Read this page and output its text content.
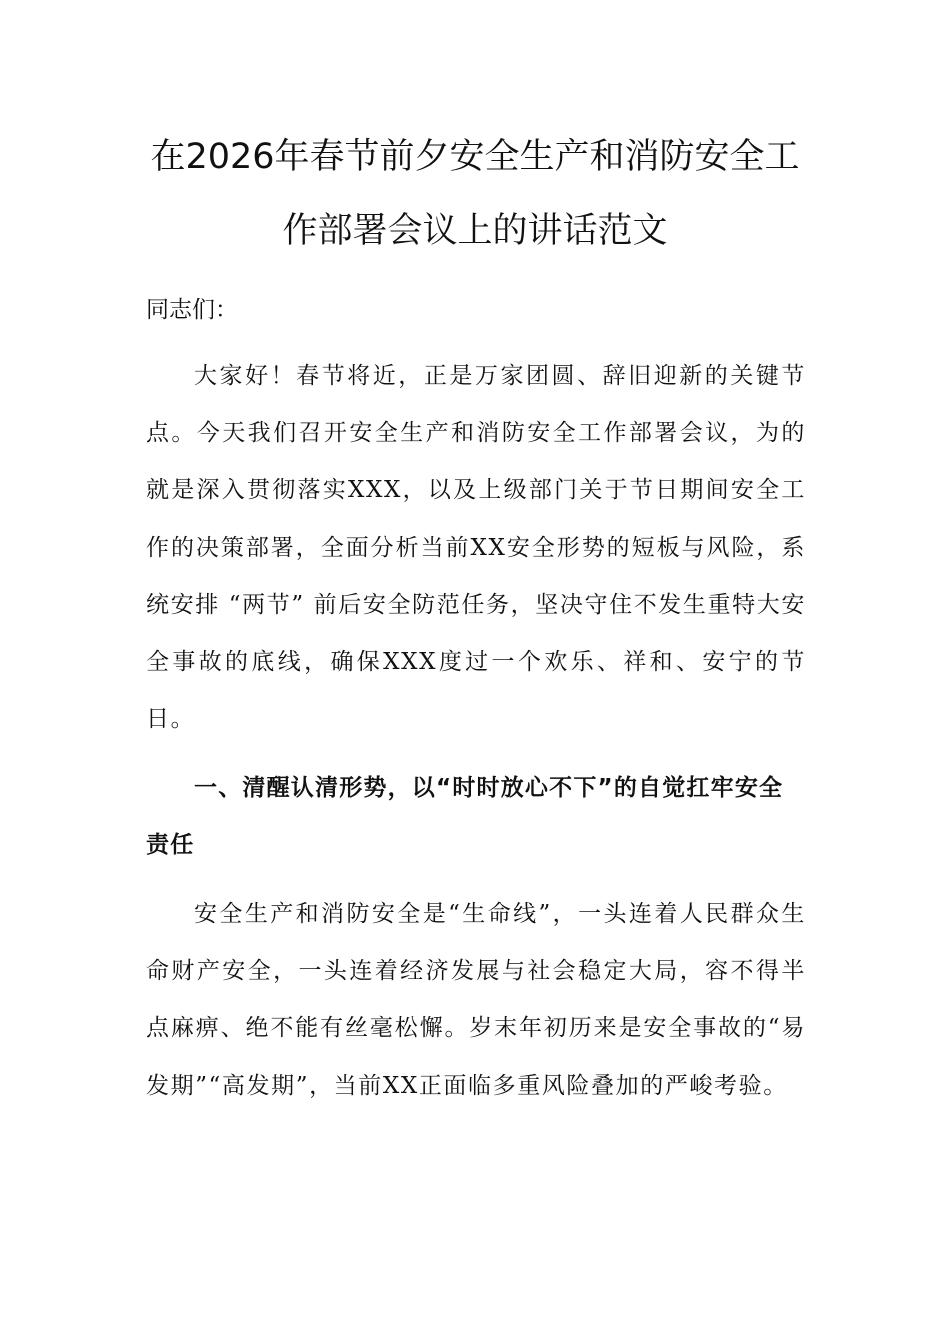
在2026年春节前夕安全生产和消防安全工
作部署会议上的讲话范文
同志们：
大家好！春节将近，正是万家团圆、辞旧迎新的关键节点。今天我们召开安全生产和消防安全工作部署会议，为的就是深入贯彻落实XXX，以及上级部门关于节日期间安全工作的决策部署，全面分析当前XX安全形势的短板与风险，系统安排 “两节” 前后安全防范任务，坚决守住不发生重特大安全事故的底线，确保XXX度过一个欢乐、祥和、安宁的节日。
一、清醒认清形势，以“时时放心不下”的自觉扛牢安全责任
安全生产和消防安全是“生命线”，一头连着人民群众生命财产安全，一头连着经济发展与社会稳定大局，容不得半点麻痹、绝不能有丝毫松懈。岁末年初历来是安全事故的“易发期”“高发期”，当前XX正面临多重风险叠加的严峻考验。
